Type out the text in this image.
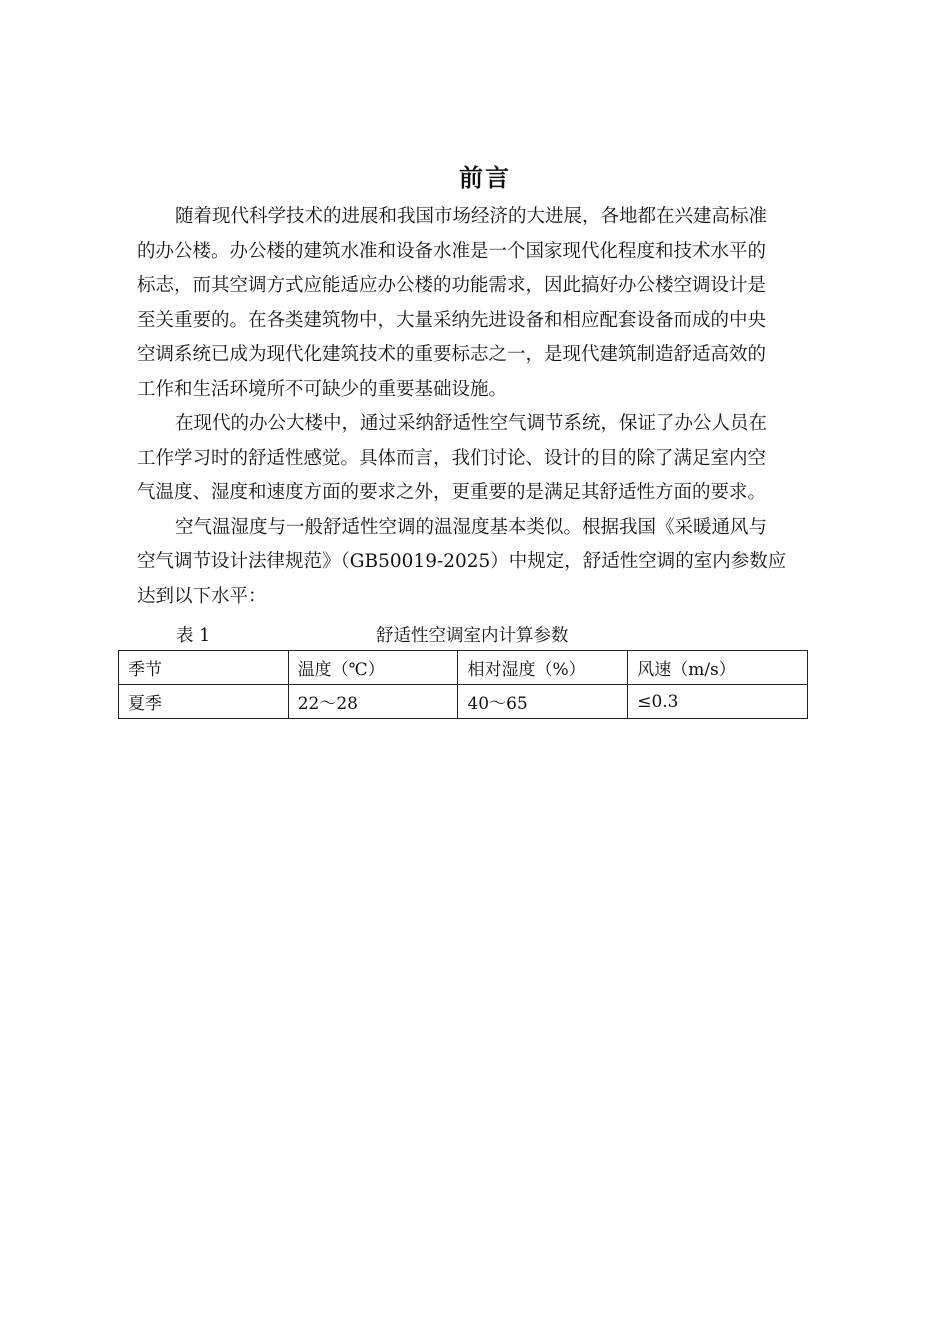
前言
随着现代科学技术的进展和我国市场经济的大进展，各地都在兴建高标准
的办公楼。办公楼的建筑水准和设备水准是一个国家现代化程度和技术水平的
标志，而其空调方式应能适应办公楼的功能需求，因此搞好办公楼空调设计是
至关重要的。在各类建筑物中，大量采纳先进设备和相应配套设备而成的中央
空调系统已成为现代化建筑技术的重要标志之一，是现代建筑制造舒适高效的
工作和生活环境所不可缺少的重要基础设施。
在现代的办公大楼中，通过采纳舒适性空气调节系统，保证了办公人员在
工作学习时的舒适性感觉。具体而言，我们讨论、设计的目的除了满足室内空
气温度、湿度和速度方面的要求之外，更重要的是满足其舒适性方面的要求。
空气温湿度与一般舒适性空调的温湿度基本类似。根据我国《采暖通风与
空气调节设计法律规范》（GB50019-2025）中规定，舒适性空调的室内参数应
达到以下水平：
表 1	舒适性空调室内计算参数
季节	温度（℃）	相对湿度（%）	风速（m/s）
夏季	22～28	40～65	≤0.3
